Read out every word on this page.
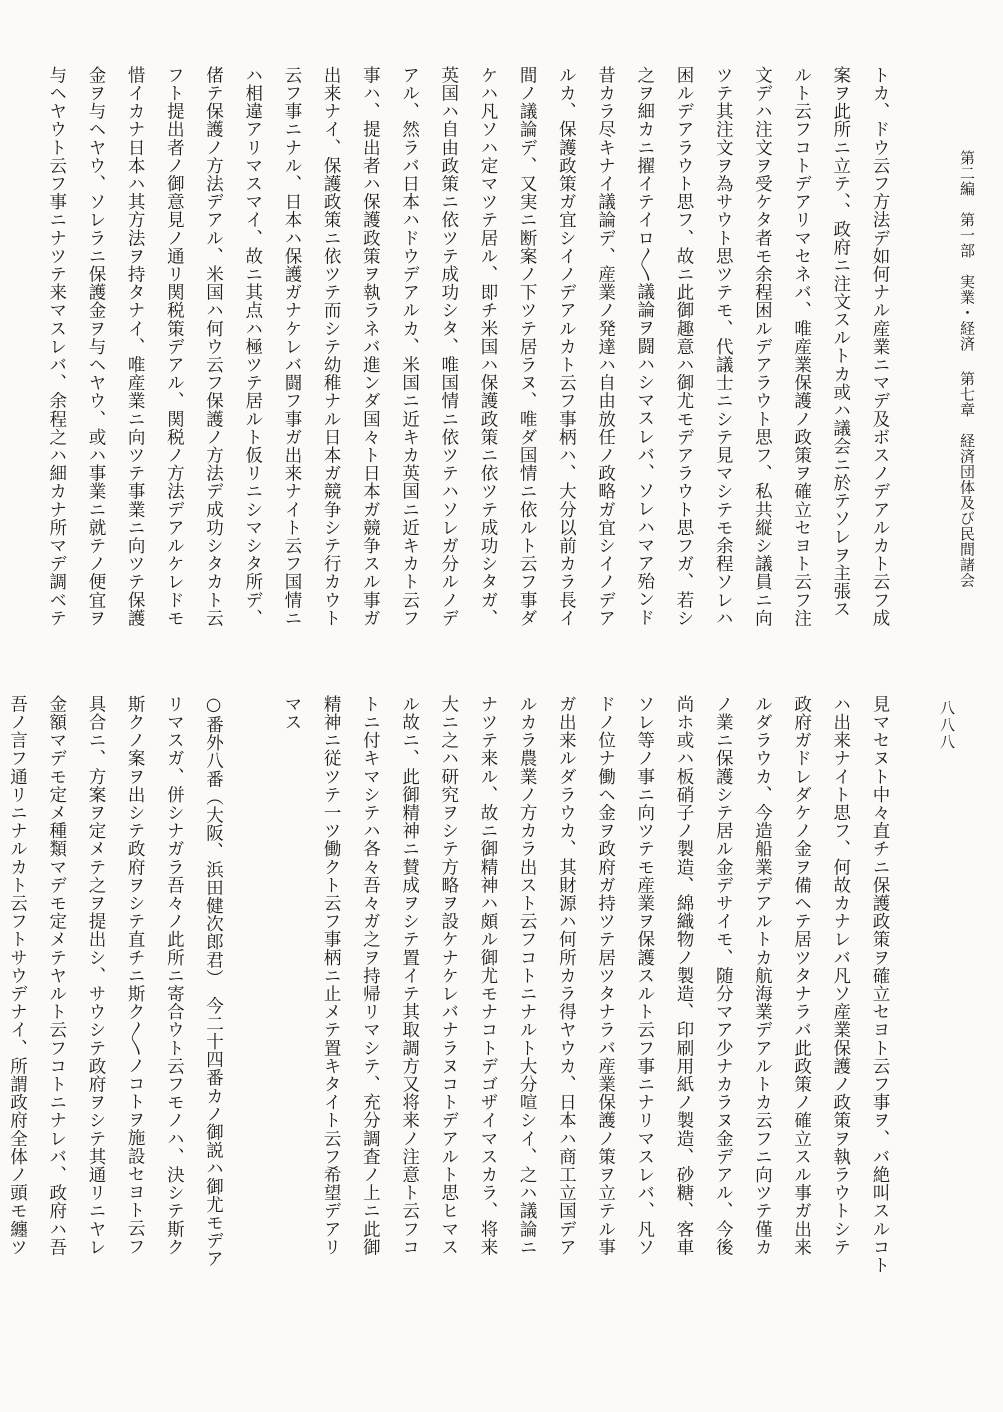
第二編　第一部　実業・経済 第七章　経済団体及び民間諸会
八八八
トカ、ドウ云フ方法デ如何ナル産業ニマデ及ボスノデアルカト云フ成
案ヲ此所ニ立テ、、政府ニ注文スルトカ或ハ議会ニ於テソレヲ主張ス
ルト云フコトデアリマセネバ、唯産業保護ノ政策ヲ確立セヨト云フ注
文デハ注文ヲ受ケタ者モ余程困ルデアラウト思フ、私共縦シ議員ニ向
ツテ其注文ヲ為サウト思ツテモ、代議士ニシテ見マシテモ余程ソレハ
困ルデアラウト思フ、故ニ此御趣意ハ御尤モデアラウト思フガ、若シ
之ヲ細カニ擢イテイロ〳〵議論ヲ闘ハシマスレバ、ソレハマア殆ンド
昔カラ尽キナイ議論デ、産業ノ発達ハ自由放任ノ政略ガ宜シイノデア
ルカ、保護政策ガ宜シイノデアルカト云フ事柄ハ、大分以前カラ長イ
間ノ議論デ、又実ニ断案ノ下ツテ居ラヌ、唯ダ国情ニ依ルト云フ事ダ
ケハ凡ソハ定マツテ居ル、即チ米国ハ保護政策ニ依ツテ成功シタガ、
英国ハ自由政策ニ依ツテ成功シタ、唯国情ニ依ツテハソレガ分ルノデ
アル、然ラバ日本ハドウデアルカ、米国ニ近キカ英国ニ近キカト云フ
事ハ、提出者ハ保護政策ヲ執ラネバ進ンダ国々ト日本ガ競争スル事ガ
出来ナイ、保護政策ニ依ツテ而シテ幼稚ナル日本ガ競争シテ行カウト
云フ事ニナル、日本ハ保護ガナケレバ闘フ事ガ出来ナイト云フ国情ニ
ハ相違アリマスマイ、故ニ其点ハ極ツテ居ルト仮リニシマシタ所デ、
偖テ保護ノ方法デアル、米国ハ何ウ云フ保護ノ方法デ成功シタカト云
フト提出者ノ御意見ノ通リ関税策デアル、関税ノ方法デアルケレドモ
惜イカナ日本ハ其方法ヲ持タナイ、唯産業ニ向ツテ事業ニ向ツテ保護
金ヲ与ヘヤウ、ソレラニ保護金ヲ与ヘヤウ、或ハ事業ニ就テノ便宜ヲ
与ヘヤウト云フ事ニナツテ来マスレバ、余程之ハ細カナ所マデ調ベテ
見マセヌト中々直チニ保護政策ヲ確立セヨト云フ事ヲ、バ絶叫スルコト
ハ出来ナイト思フ、何故カナレバ凡ソ産業保護ノ政策ヲ執ラウトシテ
政府ガドレダケノ金ヲ備ヘテ居ツタナラバ此政策ノ確立スル事ガ出来
ルダラウカ、今造船業デアルトカ航海業デアルトカ云フニ向ツテ僅カ
ノ業ニ保護シテ居ル金デサイモ、随分マア少ナカラヌ金デアル、今後
尚ホ或ハ板硝子ノ製造、綿織物ノ製造、印刷用紙ノ製造、砂糖、客車
ソレ等ノ事ニ向ツテモ産業ヲ保護スルト云フ事ニナリマスレバ、凡ソ
ドノ位ナ働ヘ金ヲ政府ガ持ツテ居ツタナラバ産業保護ノ策ヲ立テル事
ガ出来ルダラウカ、其財源ハ何所カラ得ヤウカ、日本ハ商工立国デア
ルカラ農業ノ方カラ出スト云フコトニナルト大分喧シイ、之ハ議論ニ
ナツテ来ル、故ニ御精神ハ頗ル御尤モナコトデゴザイマスカラ、将来
大ニ之ハ研究ヲシテ方略ヲ設ケナケレバナラヌコトデアルト思ヒマス
ル故ニ、此御精神ニ賛成ヲシテ置イテ其取調方又将来ノ注意ト云フコ
トニ付キマシテハ各々吾々ガ之ヲ持帰リマシテ、充分調査ノ上ニ此御
精神ニ従ツテ一ツ働クト云フ事柄ニ止メテ置キタイト云フ希望デアリ
マス
○番外八番（大阪、浜田健次郎君）　今二十四番カノ御説ハ御尤モデア
リマスガ、併シナガラ吾々ノ此所ニ寄合ウト云フモノハ、決シテ斯ク
斯クノ案ヲ出シテ政府ヲシテ直チニ斯ク〳〵ノコトヲ施設セヨト云フ
具合ニ、方案ヲ定メテ之ヲ提出シ、サウシテ政府ヲシテ其通リニヤレ
金額マデモ定メ種類マデモ定メテヤルト云フコトニナレバ、政府ハ吾
吾ノ言フ通リニナルカト云フトサウデナイ、所謂政府全体ノ頭モ纏ツ
